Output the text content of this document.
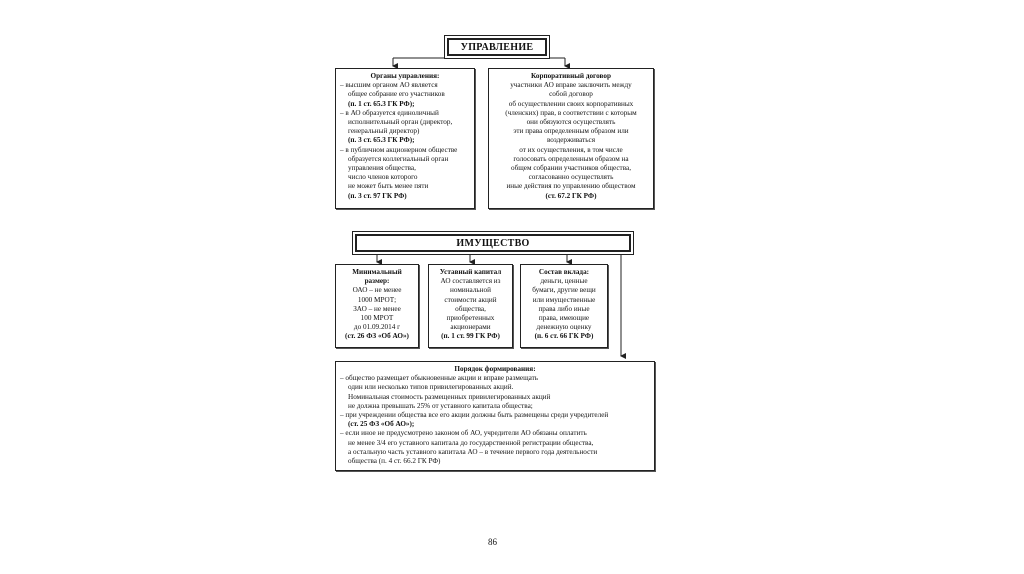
УПРАВЛЕНИЕ
Органы управления:
– высшим органом АО является
общее собрание его участников
(п. 1 ст. 65.3 ГК РФ);
– в АО образуется единоличный
исполнительный орган (директор,
генеральный директор)
(п. 3 ст. 65.3 ГК РФ);
– в публичном акционерном обществе
образуется коллегиальный орган
управления общества,
число членов которого
не может быть менее пяти
(п. 3 ст. 97 ГК РФ)
Корпоративный договор
участники АО вправе заключить между
собой договор
об осуществлении своих корпоративных
(членских) прав, в соответствии с которым
они обязуются осуществлять
эти права определенным образом или
воздерживаться
от их осуществления, в том числе
голосовать определенным образом на
общем собрании участников общества,
согласованно осуществлять
иные действия по управлению обществом
(ст. 67.2 ГК РФ)
ИМУЩЕСТВО
Минимальный
размер:
ОАО – не менее
1000 МРОТ;
ЗАО – не менее
100 МРОТ
до 01.09.2014 г
(ст. 26 ФЗ «Об АО»)
Уставный капитал
АО составляется из
номинальной
стоимости акций
общества,
приобретенных
акционерами
(п. 1 ст. 99 ГК РФ)
Состав вклада:
деньги, ценные
бумаги, другие вещи
или имущественные
права либо иные
права, имеющие
денежную оценку
(п. 6 ст. 66 ГК РФ)
Порядок формирования:
– общество размещает обыкновенные акции и вправе размещать
один или несколько типов привилегированных акций.
Номинальная стоимость размещенных привилегированных акций
не должна превышать 25% от уставного капитала общества;
– при учреждении общества все его акции должны быть размещены среди учредителей
(ст. 25 ФЗ «Об АО»);
– если иное не предусмотрено законом об АО, учредители АО обязаны оплатить
не менее 3/4 его уставного капитала до государственной регистрации общества,
а остальную часть уставного капитала АО – в течение первого года деятельности
общества (п. 4 ст. 66.2 ГК РФ)
86
